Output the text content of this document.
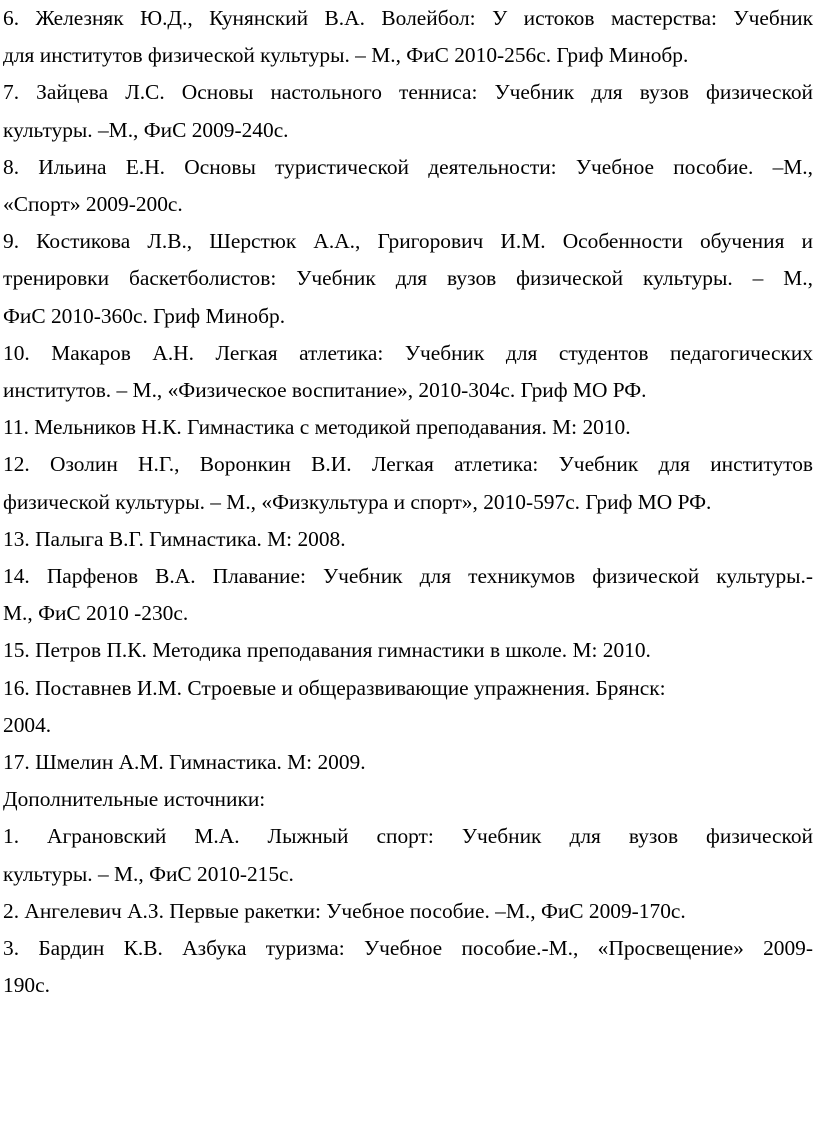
6. Железняк Ю.Д., Кунянский В.А. Волейбол: У истоков мастерства: Учебник

для институтов физической культуры. – М., ФиС 2010-256с. Гриф Минобр.

7. Зайцева Л.С. Основы настольного тенниса: Учебник для вузов физической

культуры. –М., ФиС 2009-240с.

8. Ильина Е.Н. Основы туристической деятельности: Учебное пособие. –М.,

«Спорт» 2009-200с.

9. Костикова Л.В., Шерстюк А.А., Григорович И.М. Особенности обучения и

тренировки баскетболистов: Учебник для вузов физической культуры. – М.,

ФиС 2010-360с. Гриф Минобр.

10. Макаров А.Н. Легкая атлетика: Учебник для студентов педагогических

институтов. – М., «Физическое воспитание», 2010-304с. Гриф МО РФ.

11. Мельников Н.К. Гимнастика с методикой преподавания. М: 2010.

12. Озолин Н.Г., Воронкин В.И. Легкая атлетика: Учебник для институтов

физической культуры. – М., «Физкультура и спорт», 2010-597с. Гриф МО РФ.

13. Палыга В.Г. Гимнастика. М: 2008.

14. Парфенов В.А. Плавание: Учебник для техникумов физической культуры.-

М., ФиС 2010 -230с.

15. Петров П.К. Методика преподавания гимнастики в школе. М: 2010.

16. Поставнев И.М. Строевые и общеразвивающие упражнения. Брянск:

2004.

17. Шмелин А.М. Гимнастика. М: 2009.

Дополнительные источники:

1. Аграновский М.А. Лыжный спорт: Учебник для вузов физической

культуры. – М., ФиС 2010-215с.

2. Ангелевич А.З. Первые ракетки: Учебное пособие. –М., ФиС 2009-170с.

3. Бардин К.В. Азбука туризма: Учебное пособие.-М., «Просвещение» 2009-

190с.
